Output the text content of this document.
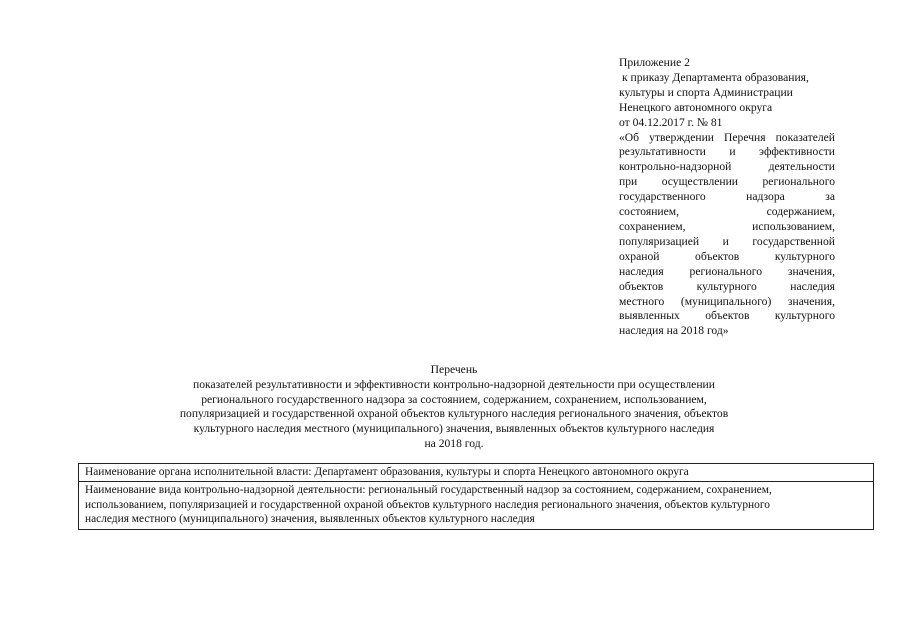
Приложение 2
к приказу Департамента образования,
культуры и спорта Администрации
Ненецкого автономного округа
от 04.12.2017 г. № 81
«Об утверждении Перечня показателей
результативности и эффективности
контрольно-надзорной деятельности
при осуществлении регионального
государственного надзора за
состоянием, содержанием,
сохранением, использованием,
популяризацией и государственной
охраной объектов культурного
наследия регионального значения,
объектов культурного наследия
местного (муниципального) значения,
выявленных объектов культурного
наследия на 2018 год»
Перечень
показателей результативности и эффективности контрольно-надзорной деятельности при осуществлении
регионального государственного надзора за состоянием, содержанием, сохранением, использованием,
популяризацией и государственной охраной объектов культурного наследия регионального значения, объектов
культурного наследия местного (муниципального) значения, выявленных объектов культурного наследия
на 2018 год.
Наименование органа исполнительной власти: Департамент образования, культуры и спорта Ненецкого автономного округа

Наименование вида контрольно-надзорной деятельности: региональный государственный надзор за состоянием, содержанием, сохранением,
использованием, популяризацией и государственной охраной объектов культурного наследия регионального значения, объектов культурного
наследия местного (муниципального) значения, выявленных объектов культурного наследия
